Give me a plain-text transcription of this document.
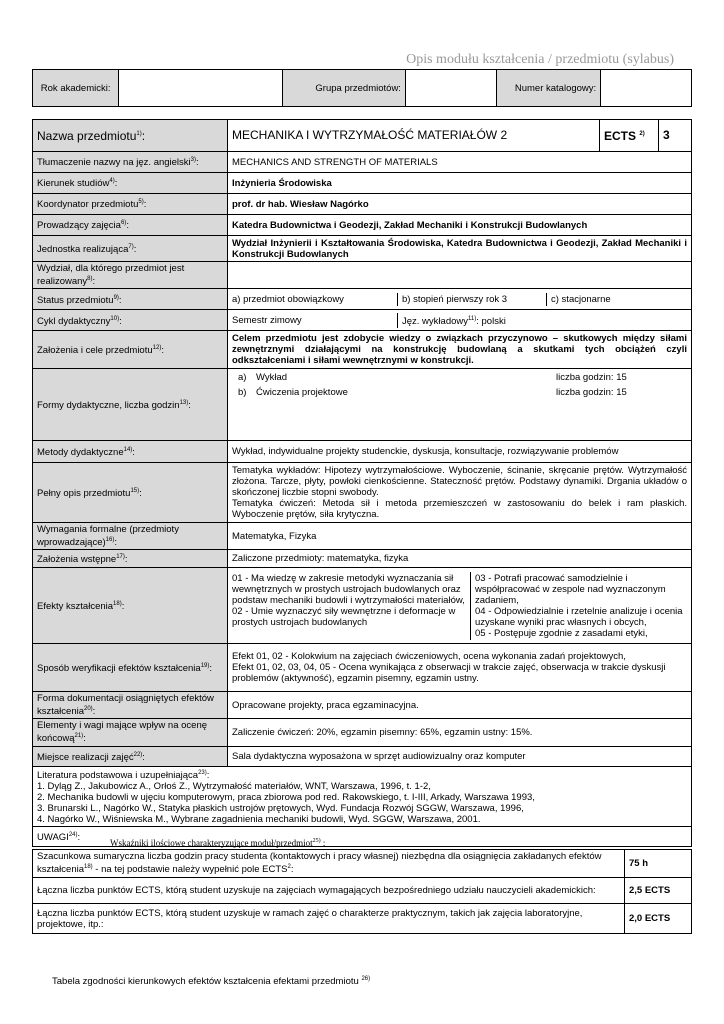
Opis modułu kształcenia / przedmiotu (sylabus)
Rok akademicki:		Grupa przedmiotów:		Numer katalogowy:	
Nazwa przedmiotu$^{1)}$:	MECHANIKA I WYTRZYMAŁOŚĆ MATERIAŁÓW 2	ECTS $^{2)}$	3
Tłumaczenie nazwy na jęz. angielski$^{3)}$:	MECHANICS AND STRENGTH OF MATERIALS
Kierunek studiów$^{4)}$:	Inżynieria Środowiska
Koordynator przedmiotu$^{5)}$:	prof. dr hab. Wiesław Nagórko
Prowadzący zajęcia$^{6)}$:	Katedra Budownictwa i Geodezji, Zakład Mechaniki i Konstrukcji Budowlanych
Jednostka realizująca$^{7)}$:	Wydział Inżynierii i Kształtowania Środowiska, Katedra Budownictwa i Geodezji, Zakład Mechaniki i Konstrukcji Budowlanych
Wydział, dla którego przedmiot jest realizowany$^{8)}$:	
Status przedmiotu$^{9)}$:		a) przedmiot obowiązkowy	b) stopień pierwszy rok 3	c) stacjonarne

Cykl dydaktyczny$^{10)}$:		Semestr zimowy	Jęz. wykładowy$^{11)}$: polski

Założenia i cele przedmiotu$^{12)}$:	Celem przedmiotu jest zdobycie wiedzy o związkach przyczynowo – skutkowych między siłami zewnętrznymi działającymi na konstrukcję budowlaną a skutkami tych obciążeń czyli odkształceniami i siłami wewnętrznymi w konstrukcji.
Formy dydaktyczne, liczba godzin$^{13)}$:	
a)	Wykład	liczba godzin: 15
b)	Ćwiczenia projektowe	liczba godzin: 15

Metody dydaktyczne$^{14)}$:	Wykład, indywidualne projekty studenckie, dyskusja, konsultacje, rozwiązywanie problemów
Pełny opis przedmiotu$^{15)}$:	
Tematyka wykładów: Hipotezy wytrzymałościowe. Wyboczenie, ścinanie, skręcanie prętów. Wytrzymałość złożona. Tarcze, płyty, powłoki cienkościenne. Stateczność prętów. Podstawy dynamiki. Drgania układów o skończonej liczbie stopni swobody.
Tematyka ćwiczeń: Metoda sił i metoda przemieszczeń w zastosowaniu do belek i ram płaskich. Wyboczenie prętów, siła krytyczna.

Wymagania formalne (przedmioty wprowadzające)$^{16)}$:	Matematyka, Fizyka
Założenia wstępne$^{17)}$:	Zaliczone przedmioty: matematyka, fizyka
Efekty kształcenia$^{18)}$:	
01 - Ma wiedzę w zakresie metodyki wyznaczania sił wewnętrznych w prostych ustrojach budowlanych oraz podstaw mechaniki budowli i wytrzymałości materiałów,
02 - Umie wyznaczyć siły wewnętrzne i deformacje w prostych ustrojach budowlanych

03 - Potrafi pracować samodzielnie i współpracować w zespole nad wyznaczonym zadaniem,
04 - Odpowiedzialnie i rzetelnie analizuje i ocenia uzyskane wyniki prac własnych i obcych,
05 - Postępuje zgodnie z zasadami etyki,

Sposób weryfikacji efektów kształcenia$^{19)}$:	
Efekt 01, 02 - Kolokwium na zajęciach ćwiczeniowych, ocena wykonania zadań projektowych,
Efekt 01, 02, 03, 04, 05 - Ocena wynikająca z obserwacji w trakcie zajęć, obserwacja w trakcie dyskusji problemów (aktywność), egzamin pisemny, egzamin ustny.

Forma dokumentacji osiągniętych efektów kształcenia$^{20)}$:	Opracowane projekty, praca egzaminacyjna.
Elementy i wagi mające wpływ na ocenę końcową$^{21)}$:	Zaliczenie ćwiczeń: 20%, egzamin pisemny: 65%, egzamin ustny: 15%.
Miejsce realizacji zajęć$^{22)}$:	Sala dydaktyczna wyposażona w sprzęt audiowizualny oraz komputer

Literatura podstawowa i uzupełniająca$^{23)}$:
1. Dyląg Z., Jakubowicz A., Orłoś Z., Wytrzymałość materiałów, WNT, Warszawa, 1996, t. 1-2,
2. Mechanika budowli w ujęciu komputerowym, praca zbiorowa pod red. Rakowskiego, t. I-III, Arkady, Warszawa 1993,
3. Brunarski L., Nagórko W., Statyka płaskich ustrojów prętowych, Wyd. Fundacja Rozwój SGGW, Warszawa, 1996,
4. Nagórko W., Wiśniewska M., Wybrane zagadnienia mechaniki budowli, Wyd. SGGW, Warszawa, 2001.

UWAGI$^{24)}$:
Wskaźniki ilościowe charakteryzujące moduł/przedmiot$^{25)}$ :
Szacunkowa sumaryczna liczba godzin pracy studenta (kontaktowych i pracy własnej) niezbędna dla osiągnięcia zakładanych efektów kształcenia$^{18)}$ - na tej podstawie należy wypełnić pole ECTS$^2$:	75 h
Łączna liczba punktów ECTS, którą student uzyskuje na zajęciach wymagających bezpośredniego udziału nauczycieli akademickich:	2,5 ECTS
Łączna liczba punktów ECTS, którą student uzyskuje w ramach zajęć o charakterze praktycznym, takich jak zajęcia laboratoryjne, projektowe, itp.:	2,0 ECTS
Tabela zgodności kierunkowych efektów kształcenia efektami przedmiotu $^{26)}$
